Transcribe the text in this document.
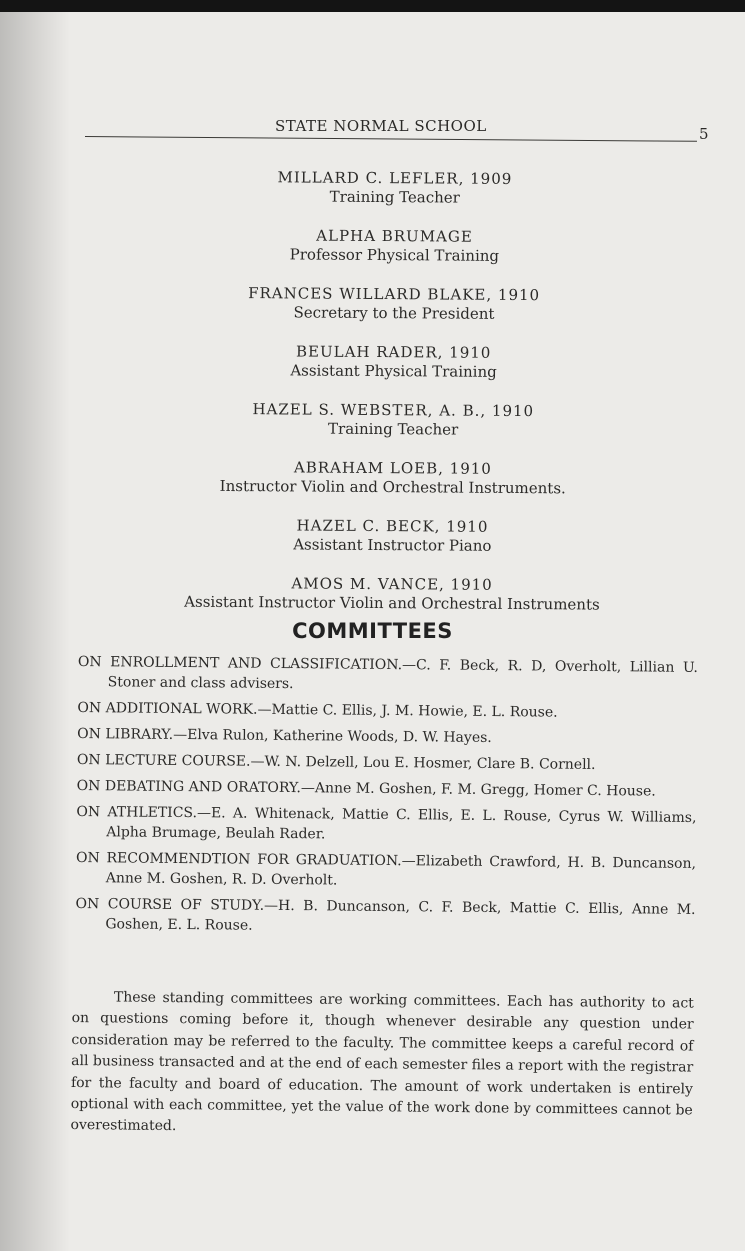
STATE NORMAL SCHOOL	5
MILLARD C. LEFLER, 1909
Training Teacher
ALPHA BRUMAGE
Professor Physical Training
FRANCES WILLARD BLAKE, 1910
Secretary to the President
BEULAH RADER, 1910
Assistant Physical Training
HAZEL S. WEBSTER, A. B., 1910
Training Teacher
ABRAHAM LOEB, 1910
Instructor Violin and Orchestral Instruments.
HAZEL C. BECK, 1910
Assistant Instructor Piano
AMOS M. VANCE, 1910
Assistant Instructor Violin and Orchestral Instruments
COMMITTEES
ON ENROLLMENT AND CLASSIFICATION.—C. F. Beck, R. D, Overholt, Lillian U. Stoner and class advisers.
ON ADDITIONAL WORK.—Mattie C. Ellis, J. M. Howie, E. L. Rouse.
ON LIBRARY.—Elva Rulon, Katherine Woods, D. W. Hayes.
ON LECTURE COURSE.—W. N. Delzell, Lou E. Hosmer, Clare B. Cornell.
ON DEBATING AND ORATORY.—Anne M. Goshen, F. M. Gregg, Homer C. House.
ON ATHLETICS.—E. A. Whitenack, Mattie C. Ellis, E. L. Rouse, Cyrus W. Williams, Alpha Brumage, Beulah Rader.
ON RECOMMENDTION FOR GRADUATION.—Elizabeth Crawford, H. B. Duncanson, Anne M. Goshen, R. D. Overholt.
ON COURSE OF STUDY.—H. B. Duncanson, C. F. Beck, Mattie C. Ellis, Anne M. Goshen, E. L. Rouse.

These standing committees are working committees. Each has authority to act on questions coming before it, though whenever desirable any question under consideration may be referred to the faculty. The committee keeps a careful record of all business transacted and at the end of each semester files a report with the registrar for the faculty and board of education. The amount of work undertaken is entirely optional with each committee, yet the value of the work done by committees cannot be overestimated.
